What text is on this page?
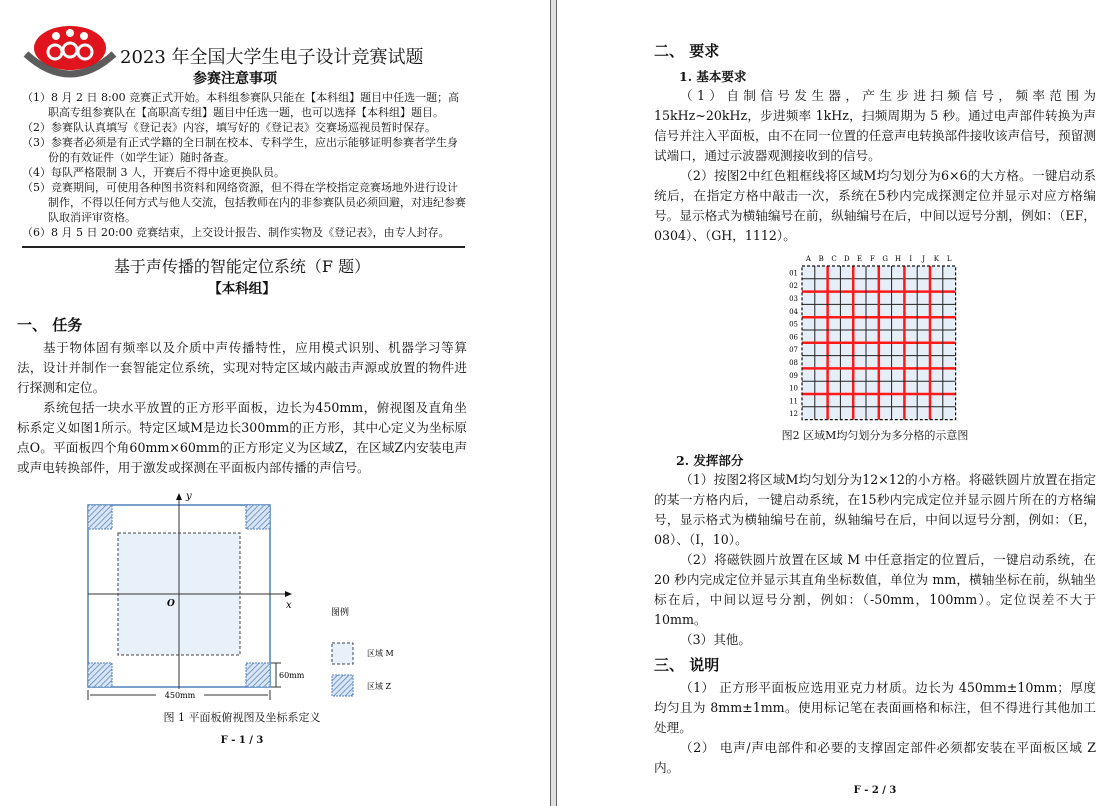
2023 年全国大学生电子设计竞赛试题
参赛注意事项
（1）8 月 2 日 8:00 竞赛正式开始。本科组参赛队只能在【本科组】题目中任选一题；高职高专组参赛队在【高职高专组】题目中任选一题，也可以选择【本科组】题目。
（2）参赛队认真填写《登记表》内容，填写好的《登记表》交赛场巡视员暂时保存。
（3）参赛者必须是有正式学籍的全日制在校本、专科学生，应出示能够证明参赛者学生身份的有效证件（如学生证）随时备查。
（4）每队严格限制 3 人，开赛后不得中途更换队员。
（5）竞赛期间，可使用各种图书资料和网络资源，但不得在学校指定竞赛场地外进行设计制作，不得以任何方式与他人交流，包括教师在内的非参赛队员必须回避，对违纪参赛队取消评审资格。
（6）8 月 5 日 20:00 竞赛结束，上交设计报告、制作实物及《登记表》，由专人封存。
基于声传播的智能定位系统（F 题）
【本科组】
一、 任务

基于物体固有频率以及介质中声传播特性，应用模式识别、机器学习等算法，设计并制作一套智能定位系统，实现对特定区域内敲击声源或放置的物件进行探测和定位。

系统包括一块水平放置的正方形平面板，边长为450mm，俯视图及直角坐标系定义如图1所示。特定区域M是边长300mm的正方形，其中心定义为坐标原点O。平面板四个角60mm×60mm的正方形定义为区域Z，在区域Z内安装电声或声电转换部件，用于激发或探测在平面板内部传播的声信号。

y
x
O
60mm
450mm
图例
区域 M
区域 Z
图 1 平面板俯视图及坐标系定义
F - 1 / 3
二、 要求
1. 基本要求

（1）自制信号发生器，产生步进扫频信号，频率范围为 15kHz~20kHz，步进频率 1kHz，扫频周期为 5 秒。通过电声部件转换为声信号并注入平面板，由不在同一位置的任意声电转换部件接收该声信号，预留测试端口，通过示波器观测接收到的信号。

（2）按图2中红色粗框线将区域M均匀划分为6×6的大方格。一键启动系统后，在指定方格中敲击一次，系统在5秒内完成探测定位并显示对应方格编号。显示格式为横轴编号在前，纵轴编号在后，中间以逗号分割，例如：（EF，0304）、（GH，1112）。

A B C D E F G H I J K L
01
02
03
04
05
06
07
08
09
10
11
12
图2 区域M均匀划分为多分格的示意图
2. 发挥部分

（1）按图2将区域M均匀划分为12×12的小方格。将磁铁圆片放置在指定的某一方格内后，一键启动系统，在15秒内完成定位并显示圆片所在的方格编号，显示格式为横轴编号在前，纵轴编号在后，中间以逗号分割，例如：（E，08）、（I，10）。

（2）将磁铁圆片放置在区域 M 中任意指定的位置后，一键启动系统，在 20 秒内完成定位并显示其直角坐标数值，单位为 mm，横轴坐标在前，纵轴坐标在后，中间以逗号分割，例如：（-50mm，100mm）。定位误差不大于 10mm。

（3）其他。

三、 说明

（1） 正方形平面板应选用亚克力材质。边长为 450mm±10mm；厚度均匀且为 8mm±1mm。使用标记笔在表面画格和标注，但不得进行其他加工处理。

（2） 电声/声电部件和必要的支撑固定部件必须都安装在平面板区域 Z 内。

F - 2 / 3
